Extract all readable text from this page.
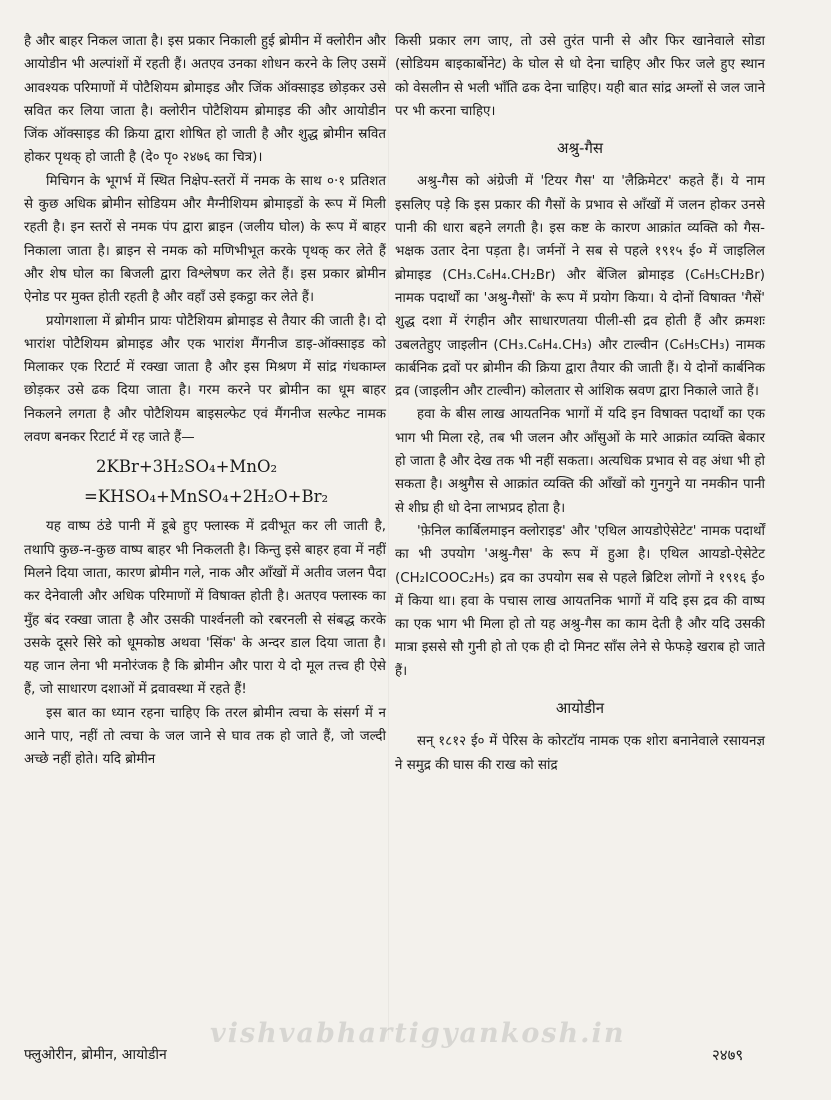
है और बाहर निकल जाता है। इस प्रकार निकाली हुई ब्रोमीन में क्लोरीन और आयोडीन भी अल्पांशों में रहती हैं। अतएव उनका शोधन करने के लिए उसमें आवश्यक परिमाणों में पोटैशियम ब्रोमाइड और जिंक ऑक्साइड छोड़कर उसे स्रवित कर लिया जाता है। क्लोरीन पोटैशियम ब्रोमाइड की और आयोडीन जिंक ऑक्साइड की क्रिया द्वारा शोषित हो जाती है और शुद्ध ब्रोमीन स्रवित होकर पृथक् हो जाती है (दे० पृ० २४७६ का चित्र)।

मिचिगन के भूगर्भ में स्थित निक्षेप-स्तरों में नमक के साथ ०·१ प्रतिशत से कुछ अधिक ब्रोमीन सोडियम और मैग्नीशियम ब्रोमाइडों के रूप में मिली रहती है। इन स्तरों से नमक पंप द्वारा ब्राइन (जलीय घोल) के रूप में बाहर निकाला जाता है। ब्राइन से नमक को मणिभीभूत करके पृथक् कर लेते हैं और शेष घोल का बिजली द्वारा विश्लेषण कर लेते हैं। इस प्रकार ब्रोमीन ऐनोड पर मुक्त होती रहती है और वहाँ उसे इकट्ठा कर लेते हैं।

प्रयोगशाला में ब्रोमीन प्रायः पोटैशियम ब्रोमाइड से तैयार की जाती है। दो भारांश पोटैशियम ब्रोमाइड और एक भारांश मैंगनीज डाइ-ऑक्साइड को मिलाकर एक रिटार्ट में रक्खा जाता है और इस मिश्रण में सांद्र गंधकाम्ल छोड़कर उसे ढक दिया जाता है। गरम करने पर ब्रोमीन का धूम बाहर निकलने लगता है और पोटैशियम बाइसल्फेट एवं मैंगनीज सल्फेट नामक लवण बनकर रिटार्ट में रह जाते हैं—

2KBr+3H₂SO₄+MnO₂
=KHSO₄+MnSO₄+2H₂O+Br₂

यह वाष्प ठंडे पानी में डूबे हुए फ्लास्क में द्रवीभूत कर ली जाती है, तथापि कुछ-न-कुछ वाष्प बाहर भी निकलती है। किन्तु इसे बाहर हवा में नहीं मिलने दिया जाता, कारण ब्रोमीन गले, नाक और आँखों में अतीव जलन पैदा कर देनेवाली और अधिक परिमाणों में विषाक्त होती है। अतएव फ्लास्क का मुँह बंद रक्खा जाता है और उसकी पार्श्वनली को रबरनली से संबद्ध करके उसके दूसरे सिरे को धूमकोष्ठ अथवा 'सिंक' के अन्दर डाल दिया जाता है। यह जान लेना भी मनोरंजक है कि ब्रोमीन और पारा ये दो मूल तत्त्व ही ऐसे हैं, जो साधारण दशाओं में द्रवावस्था में रहते हैं!

इस बात का ध्यान रहना चाहिए कि तरल ब्रोमीन त्वचा के संसर्ग में न आने पाए, नहीं तो त्वचा के जल जाने से घाव तक हो जाते हैं, जो जल्दी अच्छे नहीं होते। यदि ब्रोमीन

किसी प्रकार लग जाए, तो उसे तुरंत पानी से और फिर खानेवाले सोडा (सोडियम बाइकार्बोनेट) के घोल से धो देना चाहिए और फिर जले हुए स्थान को वेसलीन से भली भाँति ढक देना चाहिए। यही बात सांद्र अम्लों से जल जाने पर भी करना चाहिए।

अश्रु-गैस

अश्रु-गैस को अंग्रेजी में 'टियर गैस' या 'लैक्रिमेटर' कहते हैं। ये नाम इसलिए पड़े कि इस प्रकार की गैसों के प्रभाव से आँखों में जलन होकर उनसे पानी की धारा बहने लगती है। इस कष्ट के कारण आक्रांत व्यक्ति को गैस-भक्षक उतार देना पड़ता है। जर्मनों ने सब से पहले १९१५ ई० में जाइलिल ब्रोमाइड (CH₃.C₆H₄.CH₂Br) और बेंजिल ब्रोमाइड (C₆H₅CH₂Br) नामक पदार्थों का 'अश्रु-गैसों' के रूप में प्रयोग किया। ये दोनों विषाक्त 'गैसें' शुद्ध दशा में रंगहीन और साधारणतया पीली-सी द्रव होती हैं और क्रमशः उबलतेहुए जाइलीन (CH₃.C₆H₄.CH₃) और टाल्वीन (C₆H₅CH₃) नामक कार्बनिक द्रवों पर ब्रोमीन की क्रिया द्वारा तैयार की जाती हैं। ये दोनों कार्बनिक द्रव (जाइलीन और टाल्वीन) कोलतार से आंशिक स्रवण द्वारा निकाले जाते हैं।

हवा के बीस लाख आयतनिक भागों में यदि इन विषाक्त पदार्थों का एक भाग भी मिला रहे, तब भी जलन और आँसुओं के मारे आक्रांत व्यक्ति बेकार हो जाता है और देख तक भी नहीं सकता। अत्यधिक प्रभाव से वह अंधा भी हो सकता है। अश्रुगैस से आक्रांत व्यक्ति की आँखों को गुनगुने या नमकीन पानी से शीघ्र ही धो देना लाभप्रद होता है।

'फ़ेनिल कार्बिलमाइन क्लोराइड' और 'एथिल आयडोऐसेटेट' नामक पदार्थों का भी उपयोग 'अश्रु-गैस' के रूप में हुआ है। एथिल आयडो-ऐसेटेट (CH₂ICOOC₂H₅) द्रव का उपयोग सब से पहले ब्रिटिश लोगों ने १९१६ ई० में किया था। हवा के पचास लाख आयतनिक भागों में यदि इस द्रव की वाष्प का एक भाग भी मिला हो तो यह अश्रु-गैस का काम देती है और यदि उसकी मात्रा इससे सौ गुनी हो तो एक ही दो मिनट साँस लेने से फेफड़े खराब हो जाते हैं।

आयोडीन

सन् १८१२ ई० में पेरिस के कोरटॉय नामक एक शोरा बनानेवाले रसायनज्ञ ने समुद्र की घास की राख को सांद्र

vishvabhartigyankosh.in
फ्लुओरीन, ब्रोमीन, आयोडीन	२४७९
